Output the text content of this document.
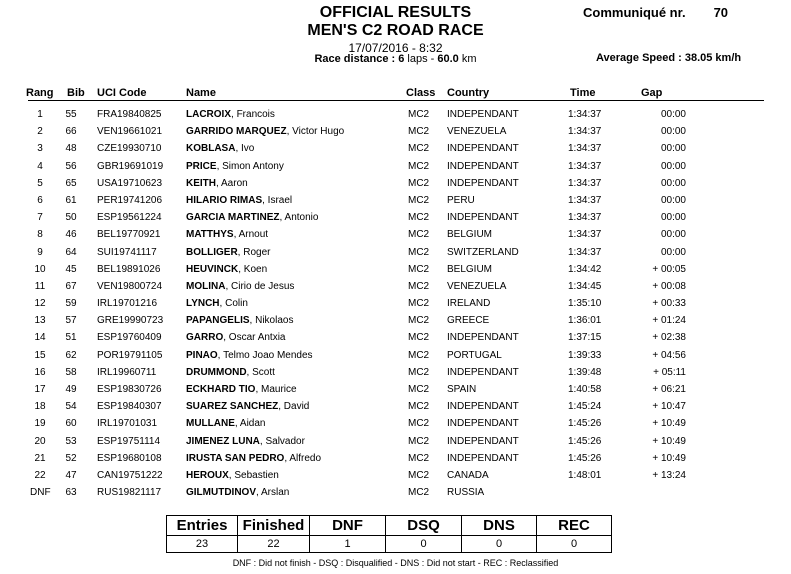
OFFICIAL RESULTS
MEN'S C2 ROAD RACE
17/07/2016 - 8:32
Race distance : 6 laps - 60.0 km
Communiqué nr. 70
Average Speed : 38.05 km/h
Rang Bib UCI Code	Name	Class Country	Time	Gap
1	55	FRA19840825 LACROIX, Francois	MC2 INDEPENDANT	1:34:37	00:00
2	66	VEN19661021 GARRIDO MARQUEZ, Victor Hugo	MC2 VENEZUELA	1:34:37	00:00
3	48	CZE19930710 KOBLASA, Ivo	MC2 INDEPENDANT	1:34:37	00:00
4	56	GBR19691019 PRICE, Simon Antony	MC2 INDEPENDANT	1:34:37	00:00
5	65	USA19710623 KEITH, Aaron	MC2 INDEPENDANT	1:34:37	00:00
6	61	PER19741206 HILARIO RIMAS, Israel	MC2 PERU	1:34:37	00:00
7	50	ESP19561224 GARCIA MARTINEZ, Antonio	MC2 INDEPENDANT	1:34:37	00:00
8	46	BEL19770921	MATTHYS, Arnout	MC2 BELGIUM	1:34:37	00:00
9	64	SUI19741117	BOLLIGER, Roger	MC2 SWITZERLAND	1:34:37	00:00
10	45	BEL19891026	HEUVINCK, Koen	MC2 BELGIUM	1:34:42	+ 00:05
11	67	VEN19800724 MOLINA, Cirio de Jesus	MC2 VENEZUELA	1:34:45	+ 00:08
12	59	IRL19701216	LYNCH, Colin	MC2 IRELAND	1:35:10	+ 00:33
13	57	GRE19990723 PAPANGELIS, Nikolaos	MC2 GREECE	1:36:01	+ 01:24
14	51	ESP19760409 GARRO, Oscar Antxia	MC2 INDEPENDANT	1:37:15	+ 02:38
15	62	POR19791105 PINAO, Telmo Joao Mendes	MC2 PORTUGAL	1:39:33	+ 04:56
16	58	IRL19960711	DRUMMOND, Scott	MC2 INDEPENDANT	1:39:48	+ 05:11
17	49	ESP19830726 ECKHARD TIO, Maurice	MC2 SPAIN	1:40:58	+ 06:21
18	54	ESP19840307 SUAREZ SANCHEZ, David	MC2 INDEPENDANT	1:45:24	+ 10:47
19	60	IRL19701031	MULLANE, Aidan	MC2 INDEPENDANT	1:45:26	+ 10:49
20	53	ESP19751114	JIMENEZ LUNA, Salvador	MC2 INDEPENDANT	1:45:26	+ 10:49
21	52	ESP19680108 IRUSTA SAN PEDRO, Alfredo	MC2 INDEPENDANT	1:45:26	+ 10:49
22	47	CAN19751222 HEROUX, Sebastien	MC2 CANADA	1:48:01	+ 13:24
DNF	63	RUS19821117 GILMUTDINOV, Arslan	MC2 RUSSIA
Entries	Finished	DNF	DSQ	DNS	REC
23	22	1	0	0	0
DNF : Did not finish - DSQ : Disqualified - DNS : Did not start - REC : Reclassified
